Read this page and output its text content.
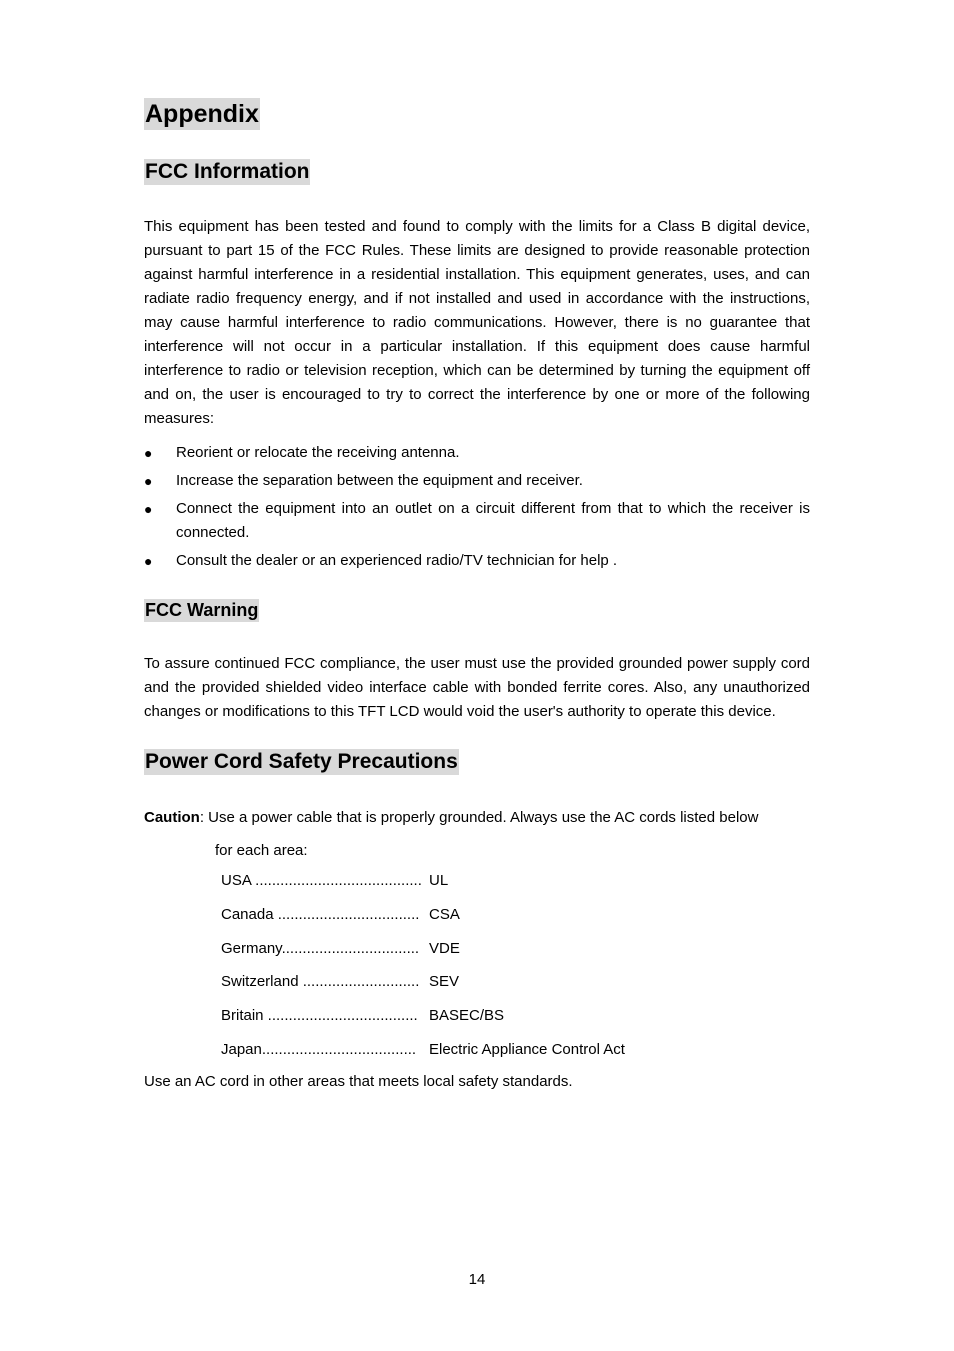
Appendix
FCC Information

This equipment has been tested and found to comply with the limits for a Class B digital device, pursuant to part 15 of the FCC Rules. These limits are designed to provide reasonable protection against harmful interference in a residential installation. This equipment generates, uses, and can radiate radio frequency energy, and if not installed and used in accordance with the instructions, may cause harmful interference to radio communications. However, there is no guarantee that interference will not occur in a particular installation. If this equipment does cause harmful interference to radio or television reception, which can be determined by turning the equipment off and on, the user is encouraged to try to correct the interference by one or more of the following measures:

● Reorient or relocate the receiving antenna.
● Increase the separation between the equipment and receiver.
● Connect the equipment into an outlet on a circuit different from that to which the receiver is connected.
● Consult the dealer or an experienced radio/TV technician for help .
FCC Warning

To assure continued FCC compliance, the user must use the provided grounded power supply cord and the provided shielded video interface cable with bonded ferrite cores. Also, any unauthorized changes or modifications to this TFT LCD would void the user's authority to operate this device.

Power Cord Safety Precautions

Caution: Use a power cable that is properly grounded. Always use the AC cords listed below

for each area:

USA ........................................ UL
Canada .................................. CSA
Germany................................. VDE
Switzerland ............................ SEV
Britain .................................... BASEC/BS
Japan..................................... Electric Appliance Control Act

Use an AC cord in other areas that meets local safety standards.

14
